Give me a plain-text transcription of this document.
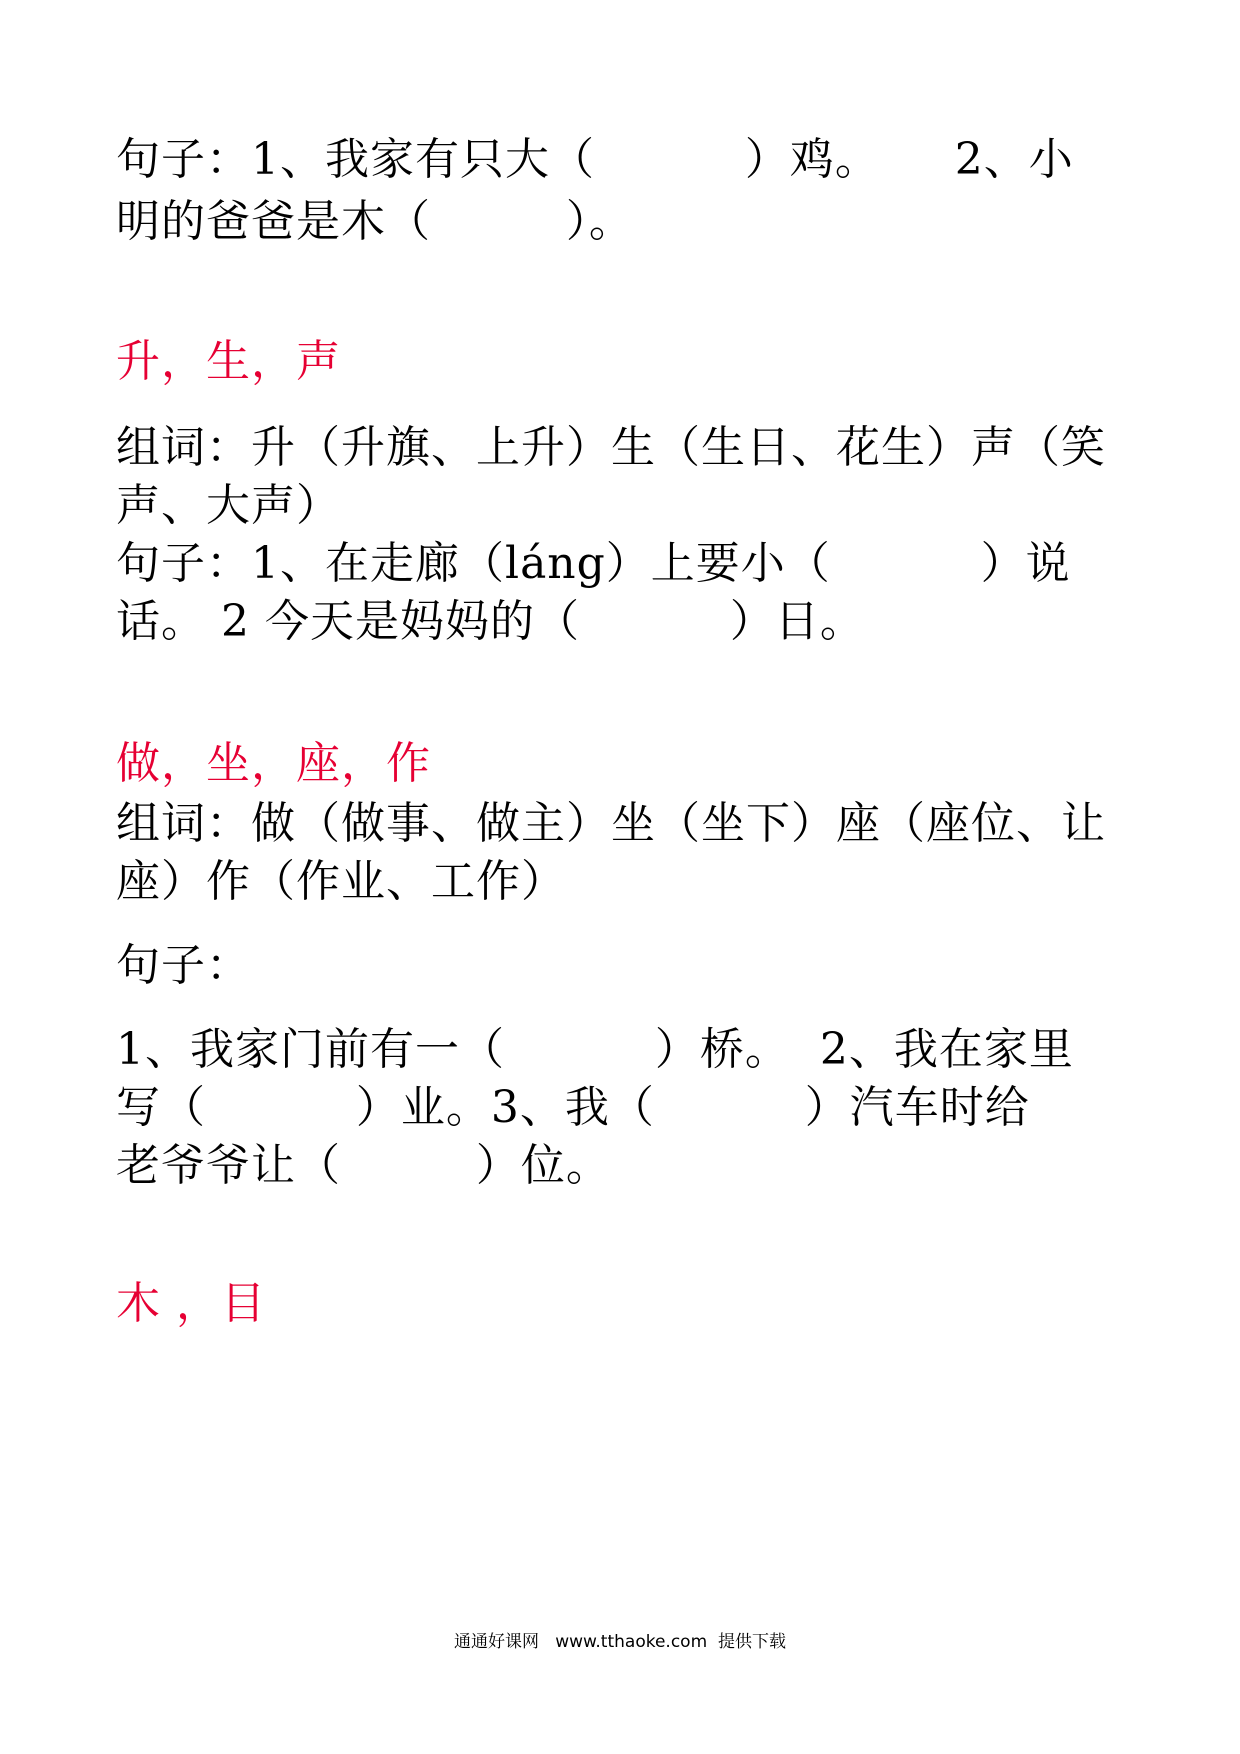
句子：1、我家有只大（          ）鸡。     2、小
明的爸爸是木（         ）。
升，生，声
组词：升（升旗、上升）生（生日、花生）声（笑
声、大声）
句子：1、在走廊（láng）上要小（          ）说
话。 2 今天是妈妈的（          ）日。
做，坐，座，作
组词：做（做事、做主）坐（坐下）座（座位、让
座）作（作业、工作）
句子：
1、我家门前有一（          ）桥。  2、我在家里
写（          ）业。3、我（          ）汽车时给
老爷爷让（         ）位。
木 ，目
通通好课网   www.tthaoke.com  提供下载
